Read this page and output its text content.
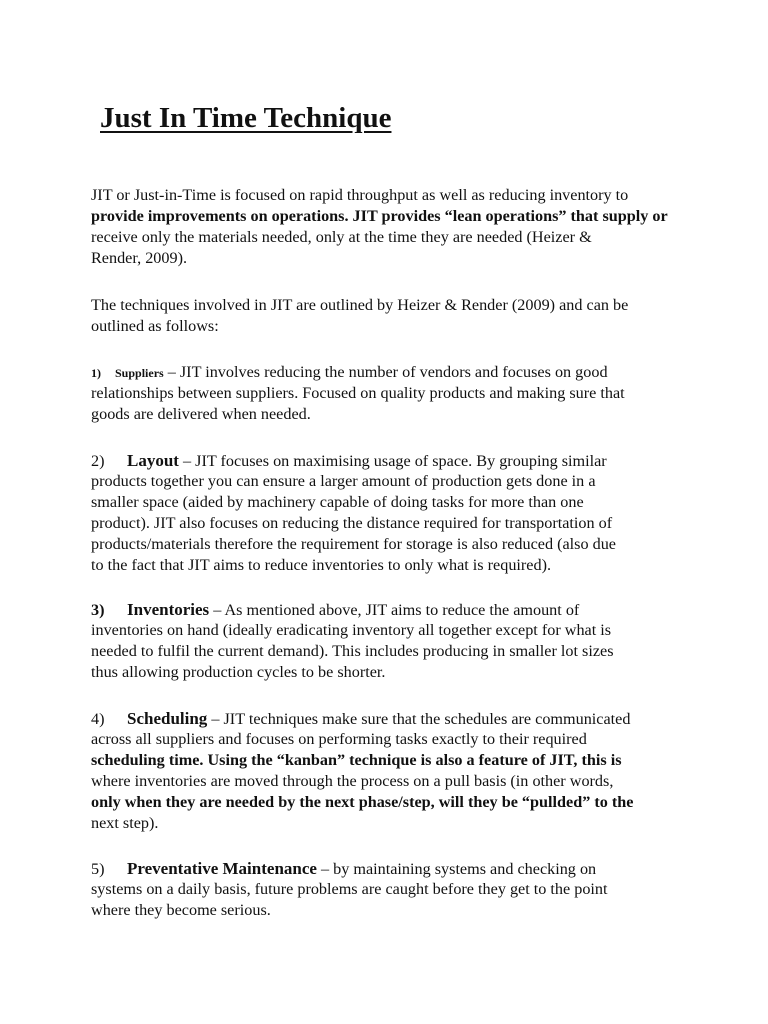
Just In Time Technique
JIT or Just-in-Time is focused on rapid throughput as well as reducing inventory to
provide improvements on operations. JIT provides “lean operations” that supply or
receive only the materials needed, only at the time they are needed (Heizer &
Render, 2009).
The techniques involved in JIT are outlined by Heizer & Render (2009) and can be
outlined as follows:
1) Suppliers – JIT involves reducing the number of vendors and focuses on good
relationships between suppliers. Focused on quality products and making sure that
goods are delivered when needed.
2) Layout – JIT focuses on maximising usage of space. By grouping similar
products together you can ensure a larger amount of production gets done in a
smaller space (aided by machinery capable of doing tasks for more than one
product). JIT also focuses on reducing the distance required for transportation of
products/materials therefore the requirement for storage is also reduced (also due
to the fact that JIT aims to reduce inventories to only what is required).
3) Inventories – As mentioned above, JIT aims to reduce the amount of
inventories on hand (ideally eradicating inventory all together except for what is
needed to fulfil the current demand). This includes producing in smaller lot sizes
thus allowing production cycles to be shorter.
4) Scheduling – JIT techniques make sure that the schedules are communicated
across all suppliers and focuses on performing tasks exactly to their required
scheduling time. Using the “kanban” technique is also a feature of JIT, this is
where inventories are moved through the process on a pull basis (in other words,
only when they are needed by the next phase/step, will they be “pullded” to the
next step).
5) Preventative Maintenance – by maintaining systems and checking on
systems on a daily basis, future problems are caught before they get to the point
where they become serious.
